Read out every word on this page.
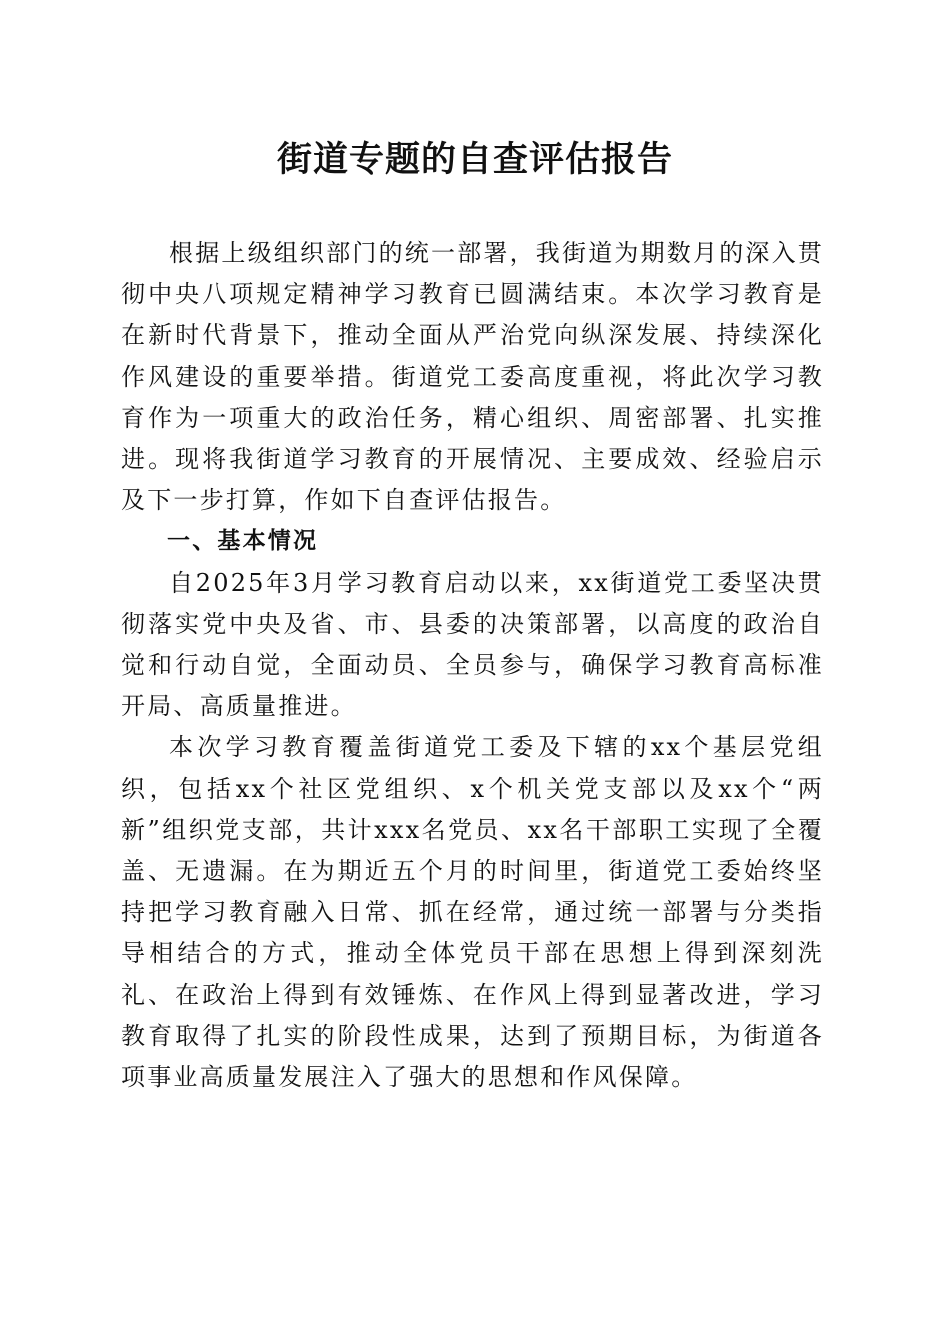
街道专题的自查评估报告

根据上级组织部门的统一部署，我街道为期数月的深入贯彻中央八项规定精神学习教育已圆满结束。本次学习教育是在新时代背景下，推动全面从严治党向纵深发展、持续深化作风建设的重要举措。街道党工委高度重视，将此次学习教育作为一项重大的政治任务，精心组织、周密部署、扎实推进。现将我街道学习教育的开展情况、主要成效、经验启示及下一步打算，作如下自查评估报告。

一、基本情况

自2025年3月学习教育启动以来，xx街道党工委坚决贯彻落实党中央及省、市、县委的决策部署，以高度的政治自觉和行动自觉，全面动员、全员参与，确保学习教育高标准开局、高质量推进。

本次学习教育覆盖街道党工委及下辖的xx个基层党组织，包括xx个社区党组织、x个机关党支部以及xx个“两新”组织党支部，共计xxx名党员、xx名干部职工实现了全覆盖、无遗漏。在为期近五个月的时间里，街道党工委始终坚持把学习教育融入日常、抓在经常，通过统一部署与分类指导相结合的方式，推动全体党员干部在思想上得到深刻洗礼、在政治上得到有效锤炼、在作风上得到显著改进，学习教育取得了扎实的阶段性成果，达到了预期目标，为街道各项事业高质量发展注入了强大的思想和作风保障。
